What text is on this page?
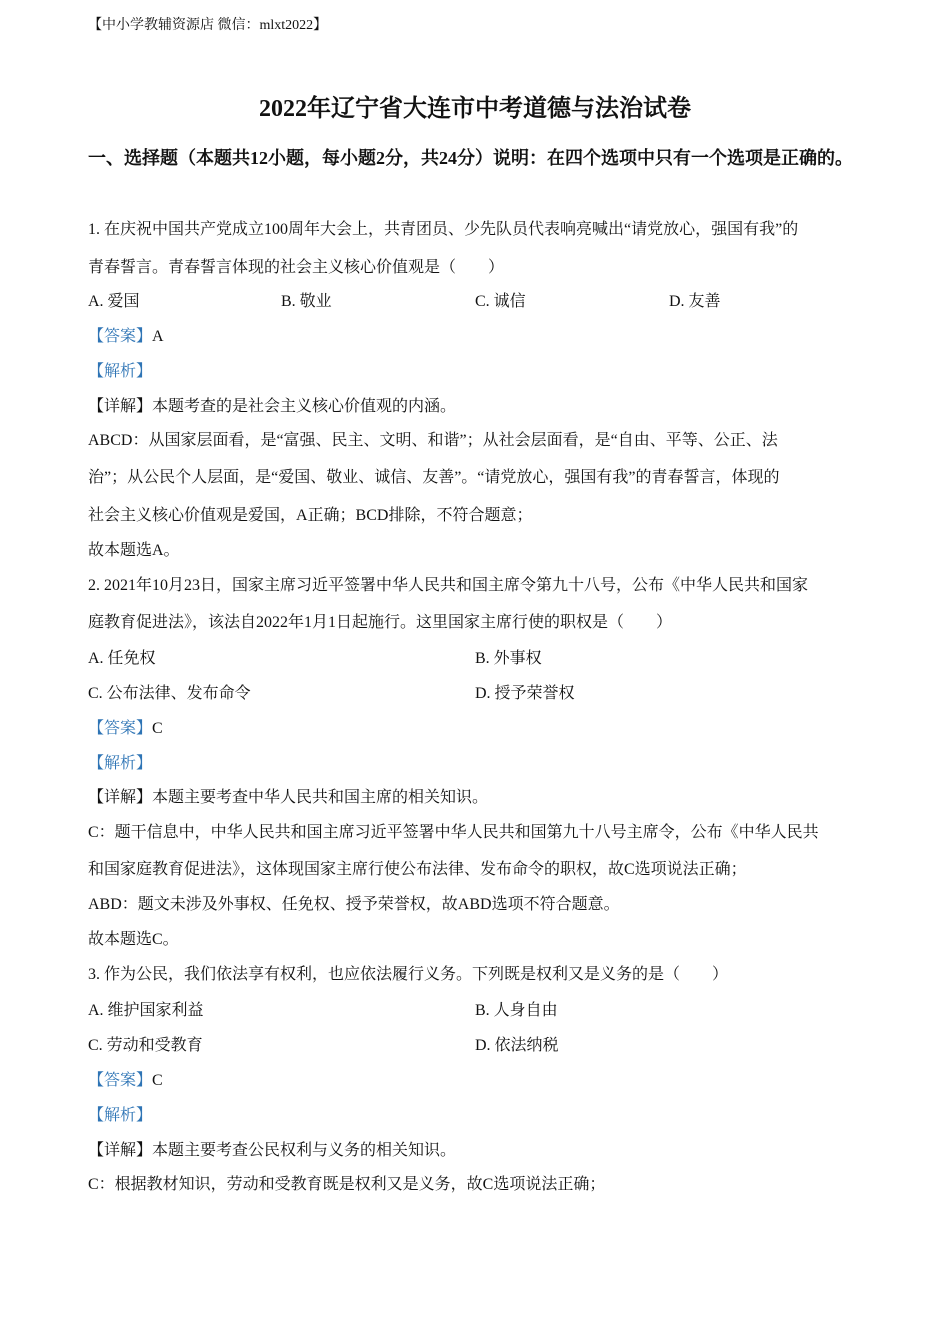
【中小学教辅资源店 微信：mlxt2022】
2022年辽宁省大连市中考道德与法治试卷
一、选择题（本题共12小题，每小题2分，共24分）说明：在四个选项中只有一个选项是正确的。
1. 在庆祝中国共产党成立100周年大会上，共青团员、少先队员代表响亮喊出“请党放心，强国有我”的
青春誓言。青春誓言体现的社会主义核心价值观是（　　）
A. 爱国	B. 敬业	C. 诚信	D. 友善
【答案】A
【解析】
【详解】本题考查的是社会主义核心价值观的内涵。
ABCD：从国家层面看，是“富强、民主、文明、和谐”；从社会层面看，是“自由、平等、公正、法
治”；从公民个人层面，是“爱国、敬业、诚信、友善”。“请党放心，强国有我”的青春誓言，体现的
社会主义核心价值观是爱国，A正确；BCD排除，不符合题意；
故本题选A。
2. 2021年10月23日，国家主席习近平签署中华人民共和国主席令第九十八号，公布《中华人民共和国家
庭教育促进法》，该法自2022年1月1日起施行。这里国家主席行使的职权是（　　）
A. 任免权	B. 外事权
C. 公布法律、发布命令	D. 授予荣誉权
【答案】C
【解析】
【详解】本题主要考查中华人民共和国主席的相关知识。
C：题干信息中，中华人民共和国主席习近平签署中华人民共和国第九十八号主席令，公布《中华人民共
和国家庭教育促进法》，这体现国家主席行使公布法律、发布命令的职权，故C选项说法正确；
ABD：题文未涉及外事权、任免权、授予荣誉权，故ABD选项不符合题意。
故本题选C。
3. 作为公民，我们依法享有权利，也应依法履行义务。下列既是权利又是义务的是（　　）
A. 维护国家利益	B. 人身自由
C. 劳动和受教育	D. 依法纳税
【答案】C
【解析】
【详解】本题主要考查公民权利与义务的相关知识。
C：根据教材知识，劳动和受教育既是权利又是义务，故C选项说法正确；
